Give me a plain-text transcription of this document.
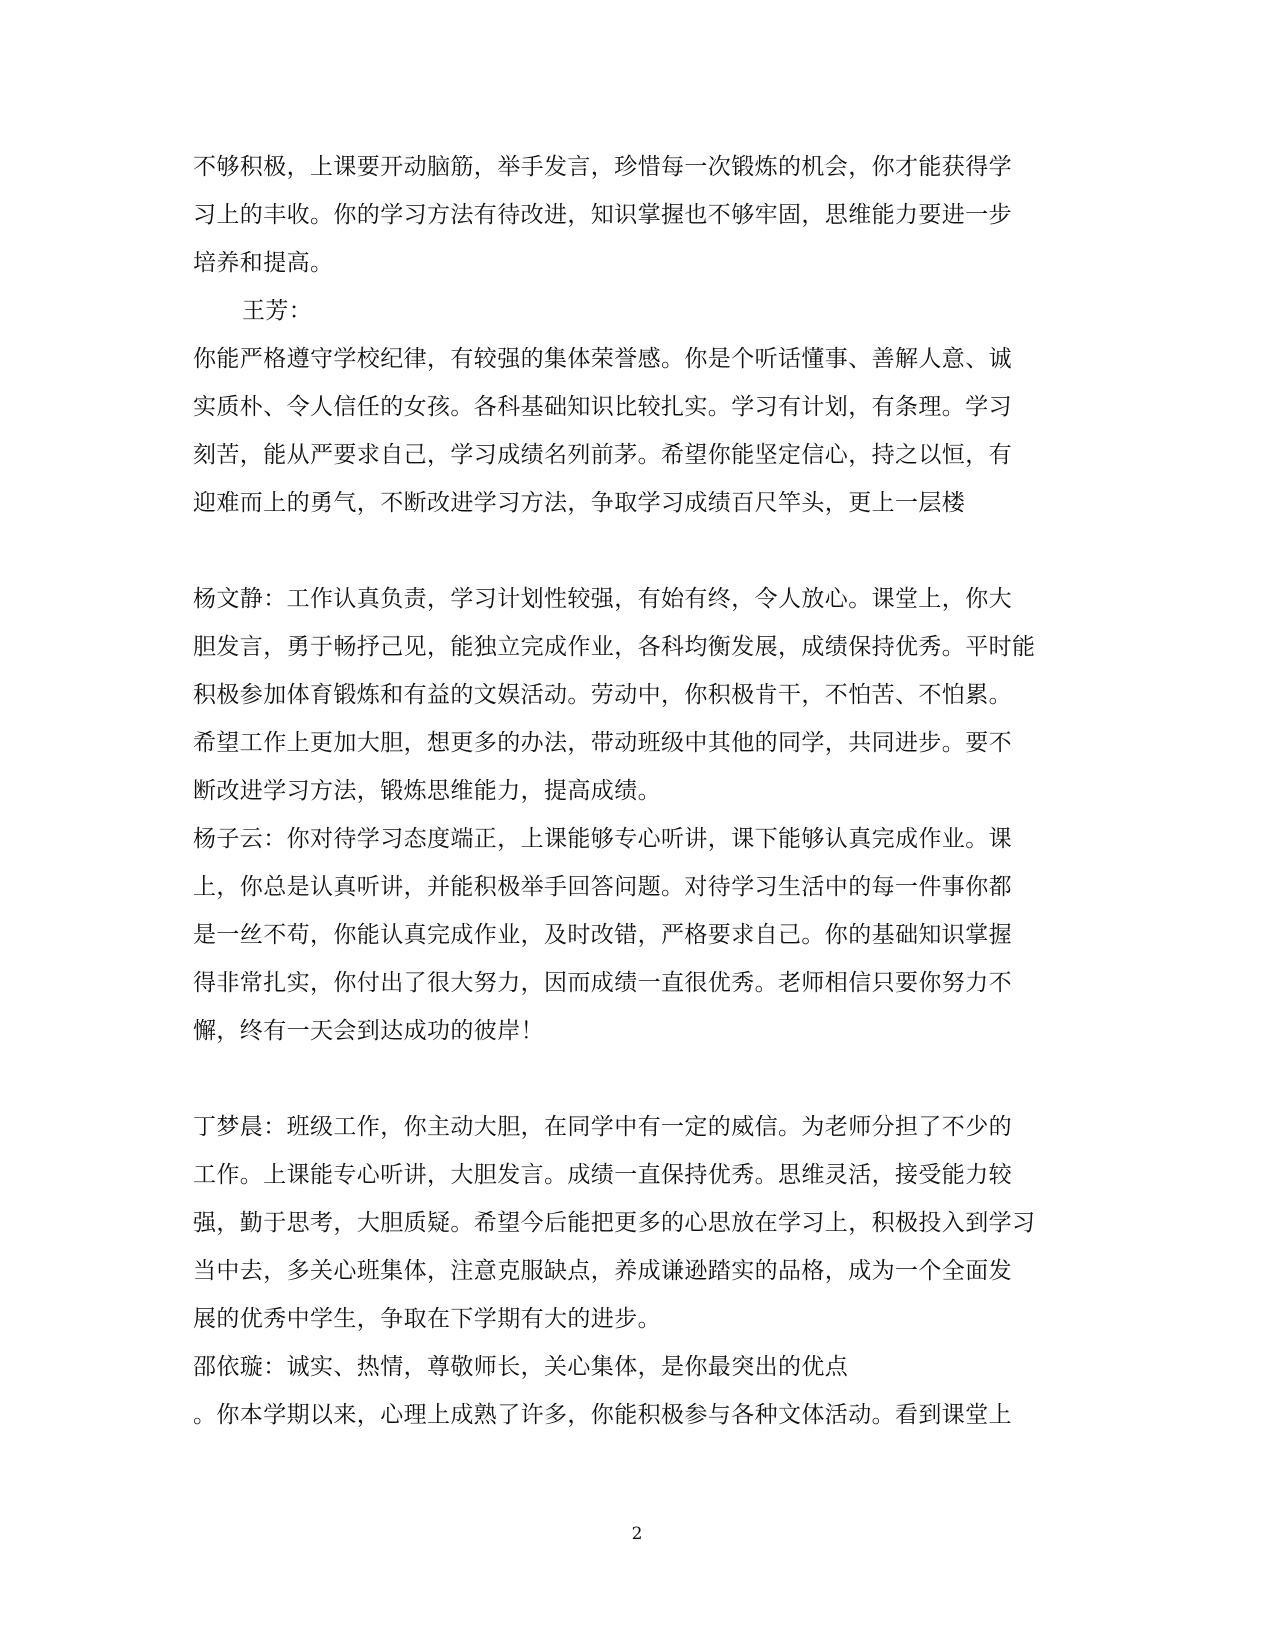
不够积极，上课要开动脑筋，举手发言，珍惜每一次锻炼的机会，你才能获得学
习上的丰收。你的学习方法有待改进，知识掌握也不够牢固，思维能力要进一步
培养和提高。
王芳：
你能严格遵守学校纪律，有较强的集体荣誉感。你是个听话懂事、善解人意、诚
实质朴、令人信任的女孩。各科基础知识比较扎实。学习有计划，有条理。学习
刻苦，能从严要求自己，学习成绩名列前茅。希望你能坚定信心，持之以恒，有
迎难而上的勇气，不断改进学习方法，争取学习成绩百尺竿头，更上一层楼
杨文静：工作认真负责，学习计划性较强，有始有终，令人放心。课堂上，你大
胆发言，勇于畅抒己见，能独立完成作业，各科均衡发展，成绩保持优秀。平时能
积极参加体育锻炼和有益的文娱活动。劳动中，你积极肯干，不怕苦、不怕累。
希望工作上更加大胆，想更多的办法，带动班级中其他的同学，共同进步。要不
断改进学习方法，锻炼思维能力，提高成绩。
杨子云：你对待学习态度端正，上课能够专心听讲，课下能够认真完成作业。课
上，你总是认真听讲，并能积极举手回答问题。对待学习生活中的每一件事你都
是一丝不苟，你能认真完成作业，及时改错，严格要求自己。你的基础知识掌握
得非常扎实，你付出了很大努力，因而成绩一直很优秀。老师相信只要你努力不
懈，终有一天会到达成功的彼岸！
丁梦晨：班级工作，你主动大胆，在同学中有一定的威信。为老师分担了不少的
工作。上课能专心听讲，大胆发言。成绩一直保持优秀。思维灵活，接受能力较
强，勤于思考，大胆质疑。希望今后能把更多的心思放在学习上，积极投入到学习
当中去，多关心班集体，注意克服缺点，养成谦逊踏实的品格，成为一个全面发
展的优秀中学生，争取在下学期有大的进步。
邵依璇：诚实、热情，尊敬师长，关心集体，是你最突出的优点
。你本学期以来，心理上成熟了许多，你能积极参与各种文体活动。看到课堂上
2
